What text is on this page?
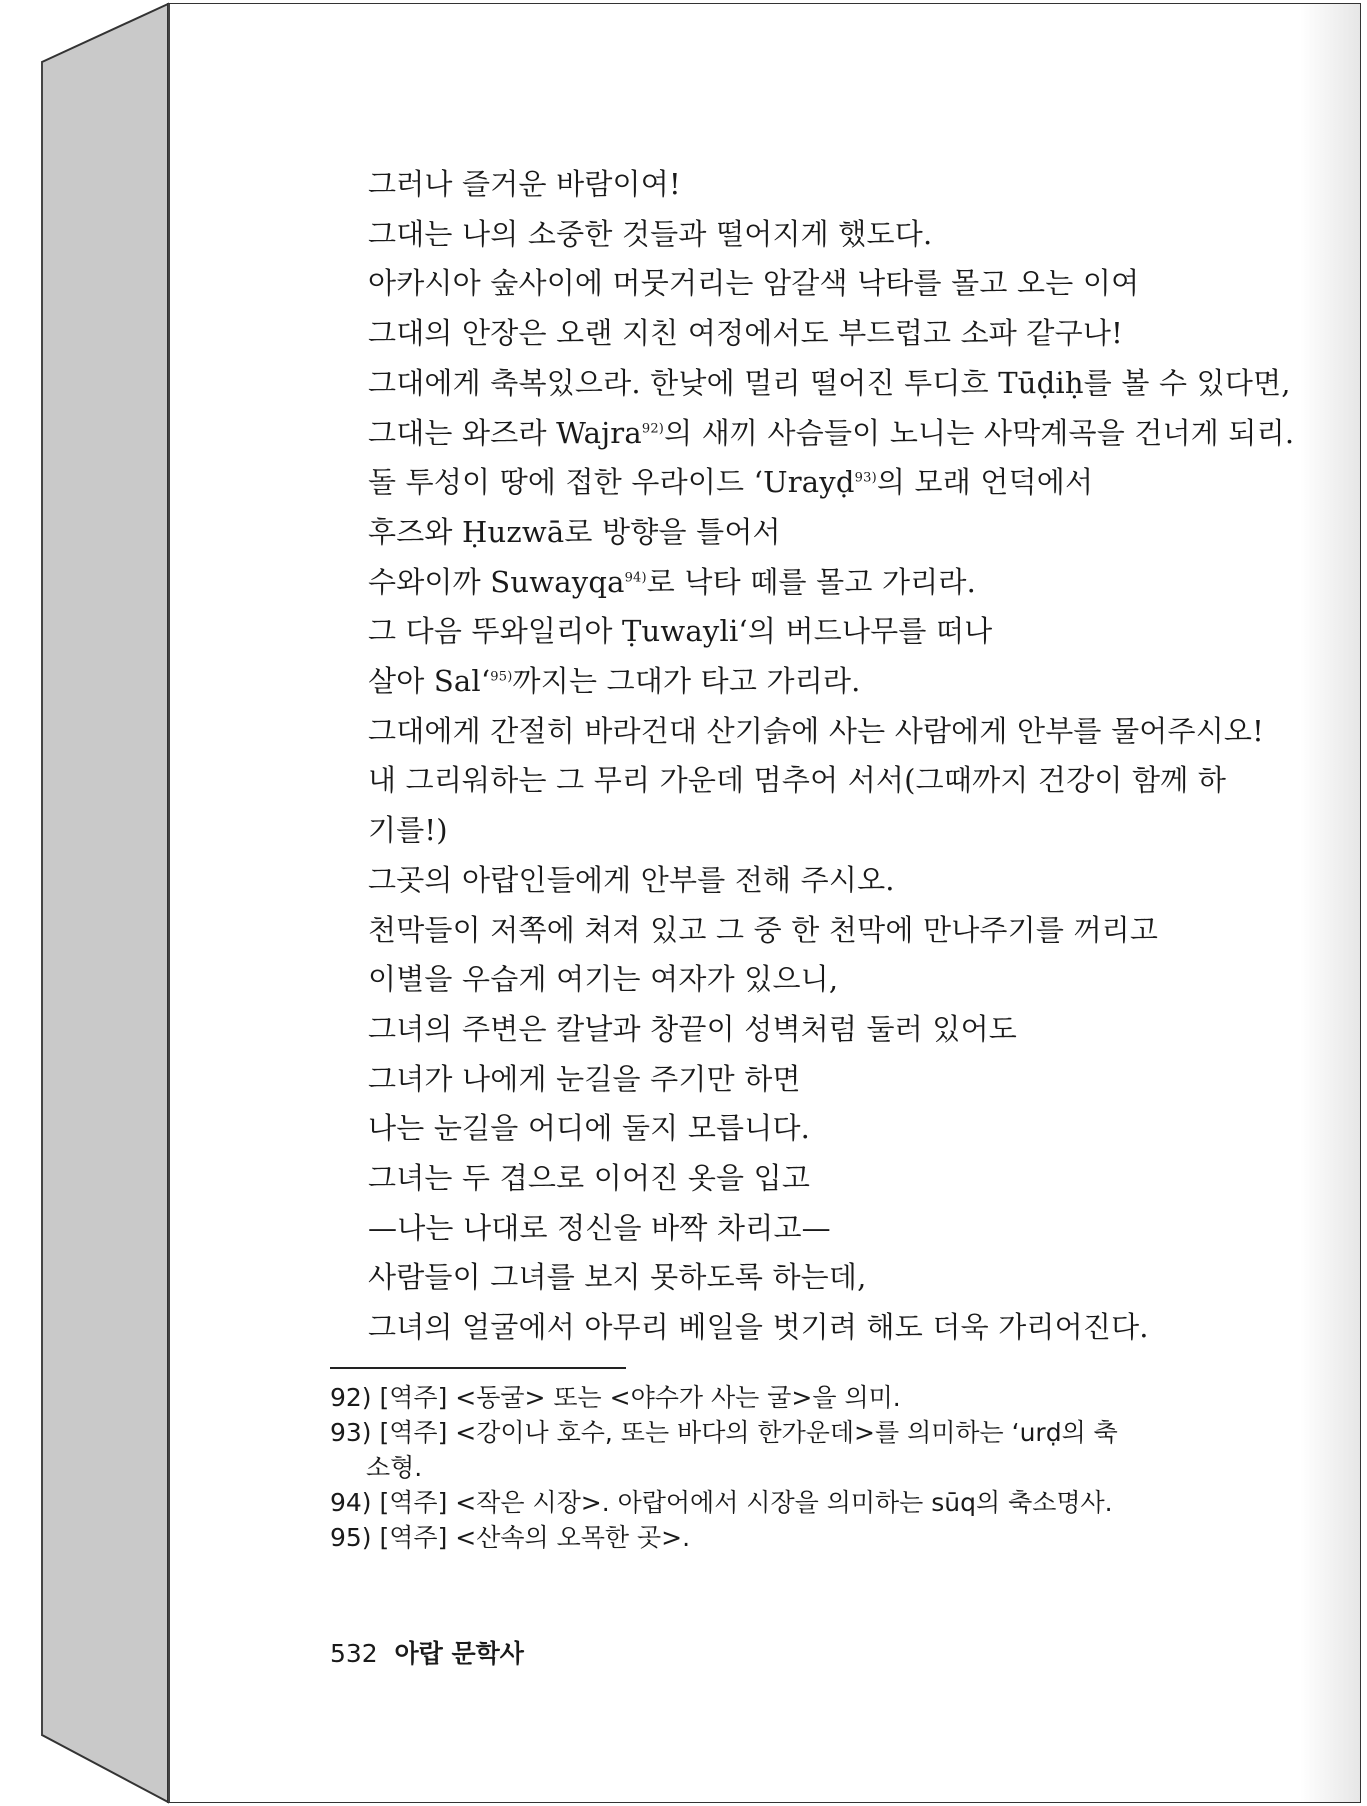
그러나 즐거운 바람이여!
그대는 나의 소중한 것들과 떨어지게 했도다.
아카시아 숲사이에 머뭇거리는 암갈색 낙타를 몰고 오는 이여
그대의 안장은 오랜 지친 여정에서도 부드럽고 소파 같구나!
그대에게 축복있으라. 한낮에 멀리 떨어진 투디흐 Tūḍiḥ를 볼 수 있다면,
그대는 와즈라 Wajra$^{92)}$의 새끼 사슴들이 노니는 사막계곡을 건너게 되리.
돌 투성이 땅에 접한 우라이드 ‘Urayḍ$^{93)}$의 모래 언덕에서
후즈와 Ḥuzwā로 방향을 틀어서
수와이까 Suwayqa$^{94)}$로 낙타 떼를 몰고 가리라.
그 다음 뚜와일리아 Ṭuwayli‘의 버드나무를 떠나
살아 Sal‘$^{95)}$까지는 그대가 타고 가리라.
그대에게 간절히 바라건대 산기슭에 사는 사람에게 안부를 물어주시오!
내 그리워하는 그 무리 가운데 멈추어 서서(그때까지 건강이 함께 하
기를!)
그곳의 아랍인들에게 안부를 전해 주시오.
천막들이 저쪽에 쳐져 있고 그 중 한 천막에 만나주기를 꺼리고
이별을 우습게 여기는 여자가 있으니,
그녀의 주변은 칼날과 창끝이 성벽처럼 둘러 있어도
그녀가 나에게 눈길을 주기만 하면
나는 눈길을 어디에 둘지 모릅니다.
그녀는 두 겹으로 이어진 옷을 입고
—나는 나대로 정신을 바짝 차리고—
사람들이 그녀를 보지 못하도록 하는데,
그녀의 얼굴에서 아무리 베일을 벗기려 해도 더욱 가리어진다.
92) [역주] <동굴> 또는 <야수가 사는 굴>을 의미.
93) [역주] <강이나 호수, 또는 바다의 한가운데>를 의미하는 ‘urḍ의 축
소형.
94) [역주] <작은 시장>. 아랍어에서 시장을 의미하는 sūq의 축소명사.
95) [역주] <산속의 오목한 곳>.
532 아랍 문학사
